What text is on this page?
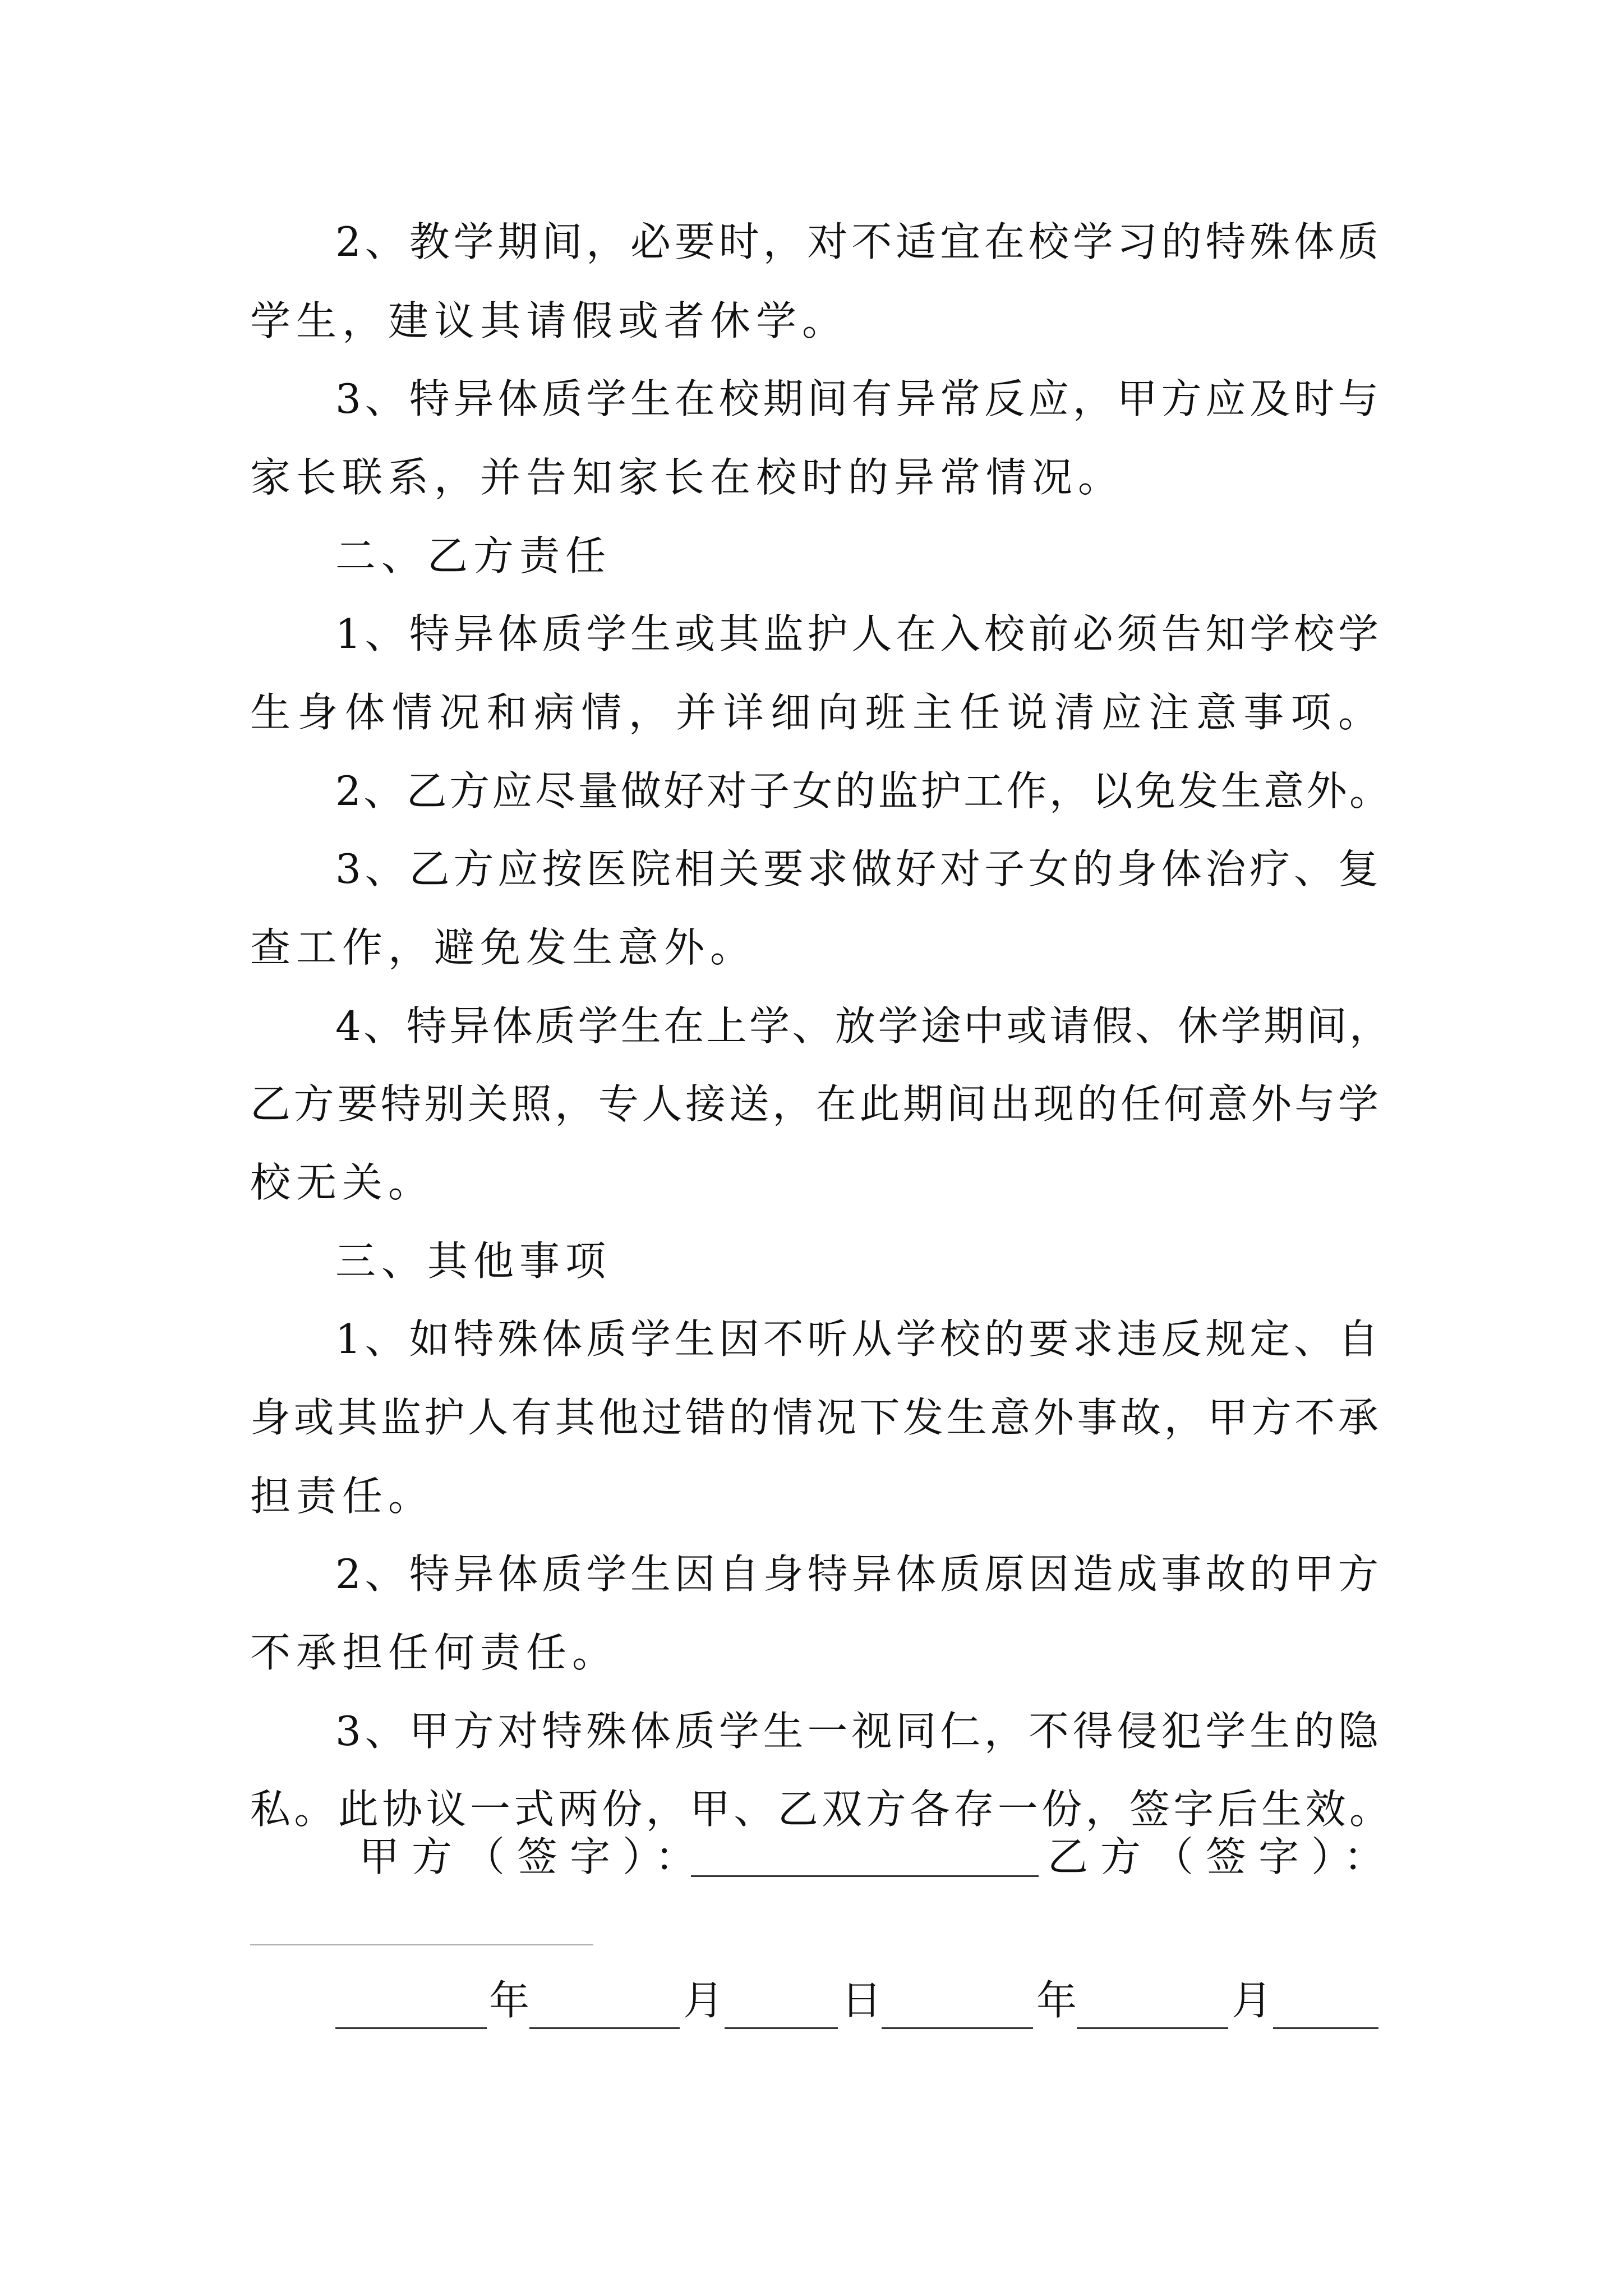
2、教学期间，必要时，对不适宜在校学习的特殊体质
学生，建议其请假或者休学。
3、特异体质学生在校期间有异常反应，甲方应及时与
家长联系，并告知家长在校时的异常情况。
二、乙方责任
1、特异体质学生或其监护人在入校前必须告知学校学
生身体情况和病情，并详细向班主任说清应注意事项。
2、乙方应尽量做好对子女的监护工作，以免发生意外。
3、乙方应按医院相关要求做好对子女的身体治疗、复
查工作，避免发生意外。
4、特异体质学生在上学、放学途中或请假、休学期间，
乙方要特别关照，专人接送，在此期间出现的任何意外与学
校无关。
三、其他事项
1、如特殊体质学生因不听从学校的要求违反规定、自
身或其监护人有其他过错的情况下发生意外事故，甲方不承
担责任。
2、特异体质学生因自身特异体质原因造成事故的甲方
不承担任何责任。
3、甲方对特殊体质学生一视同仁，不得侵犯学生的隐
私。此协议一式两份，甲、乙双方各存一份，签字后生效。
甲方（签字）：	乙方（签字）：
年	月	日	年	月
